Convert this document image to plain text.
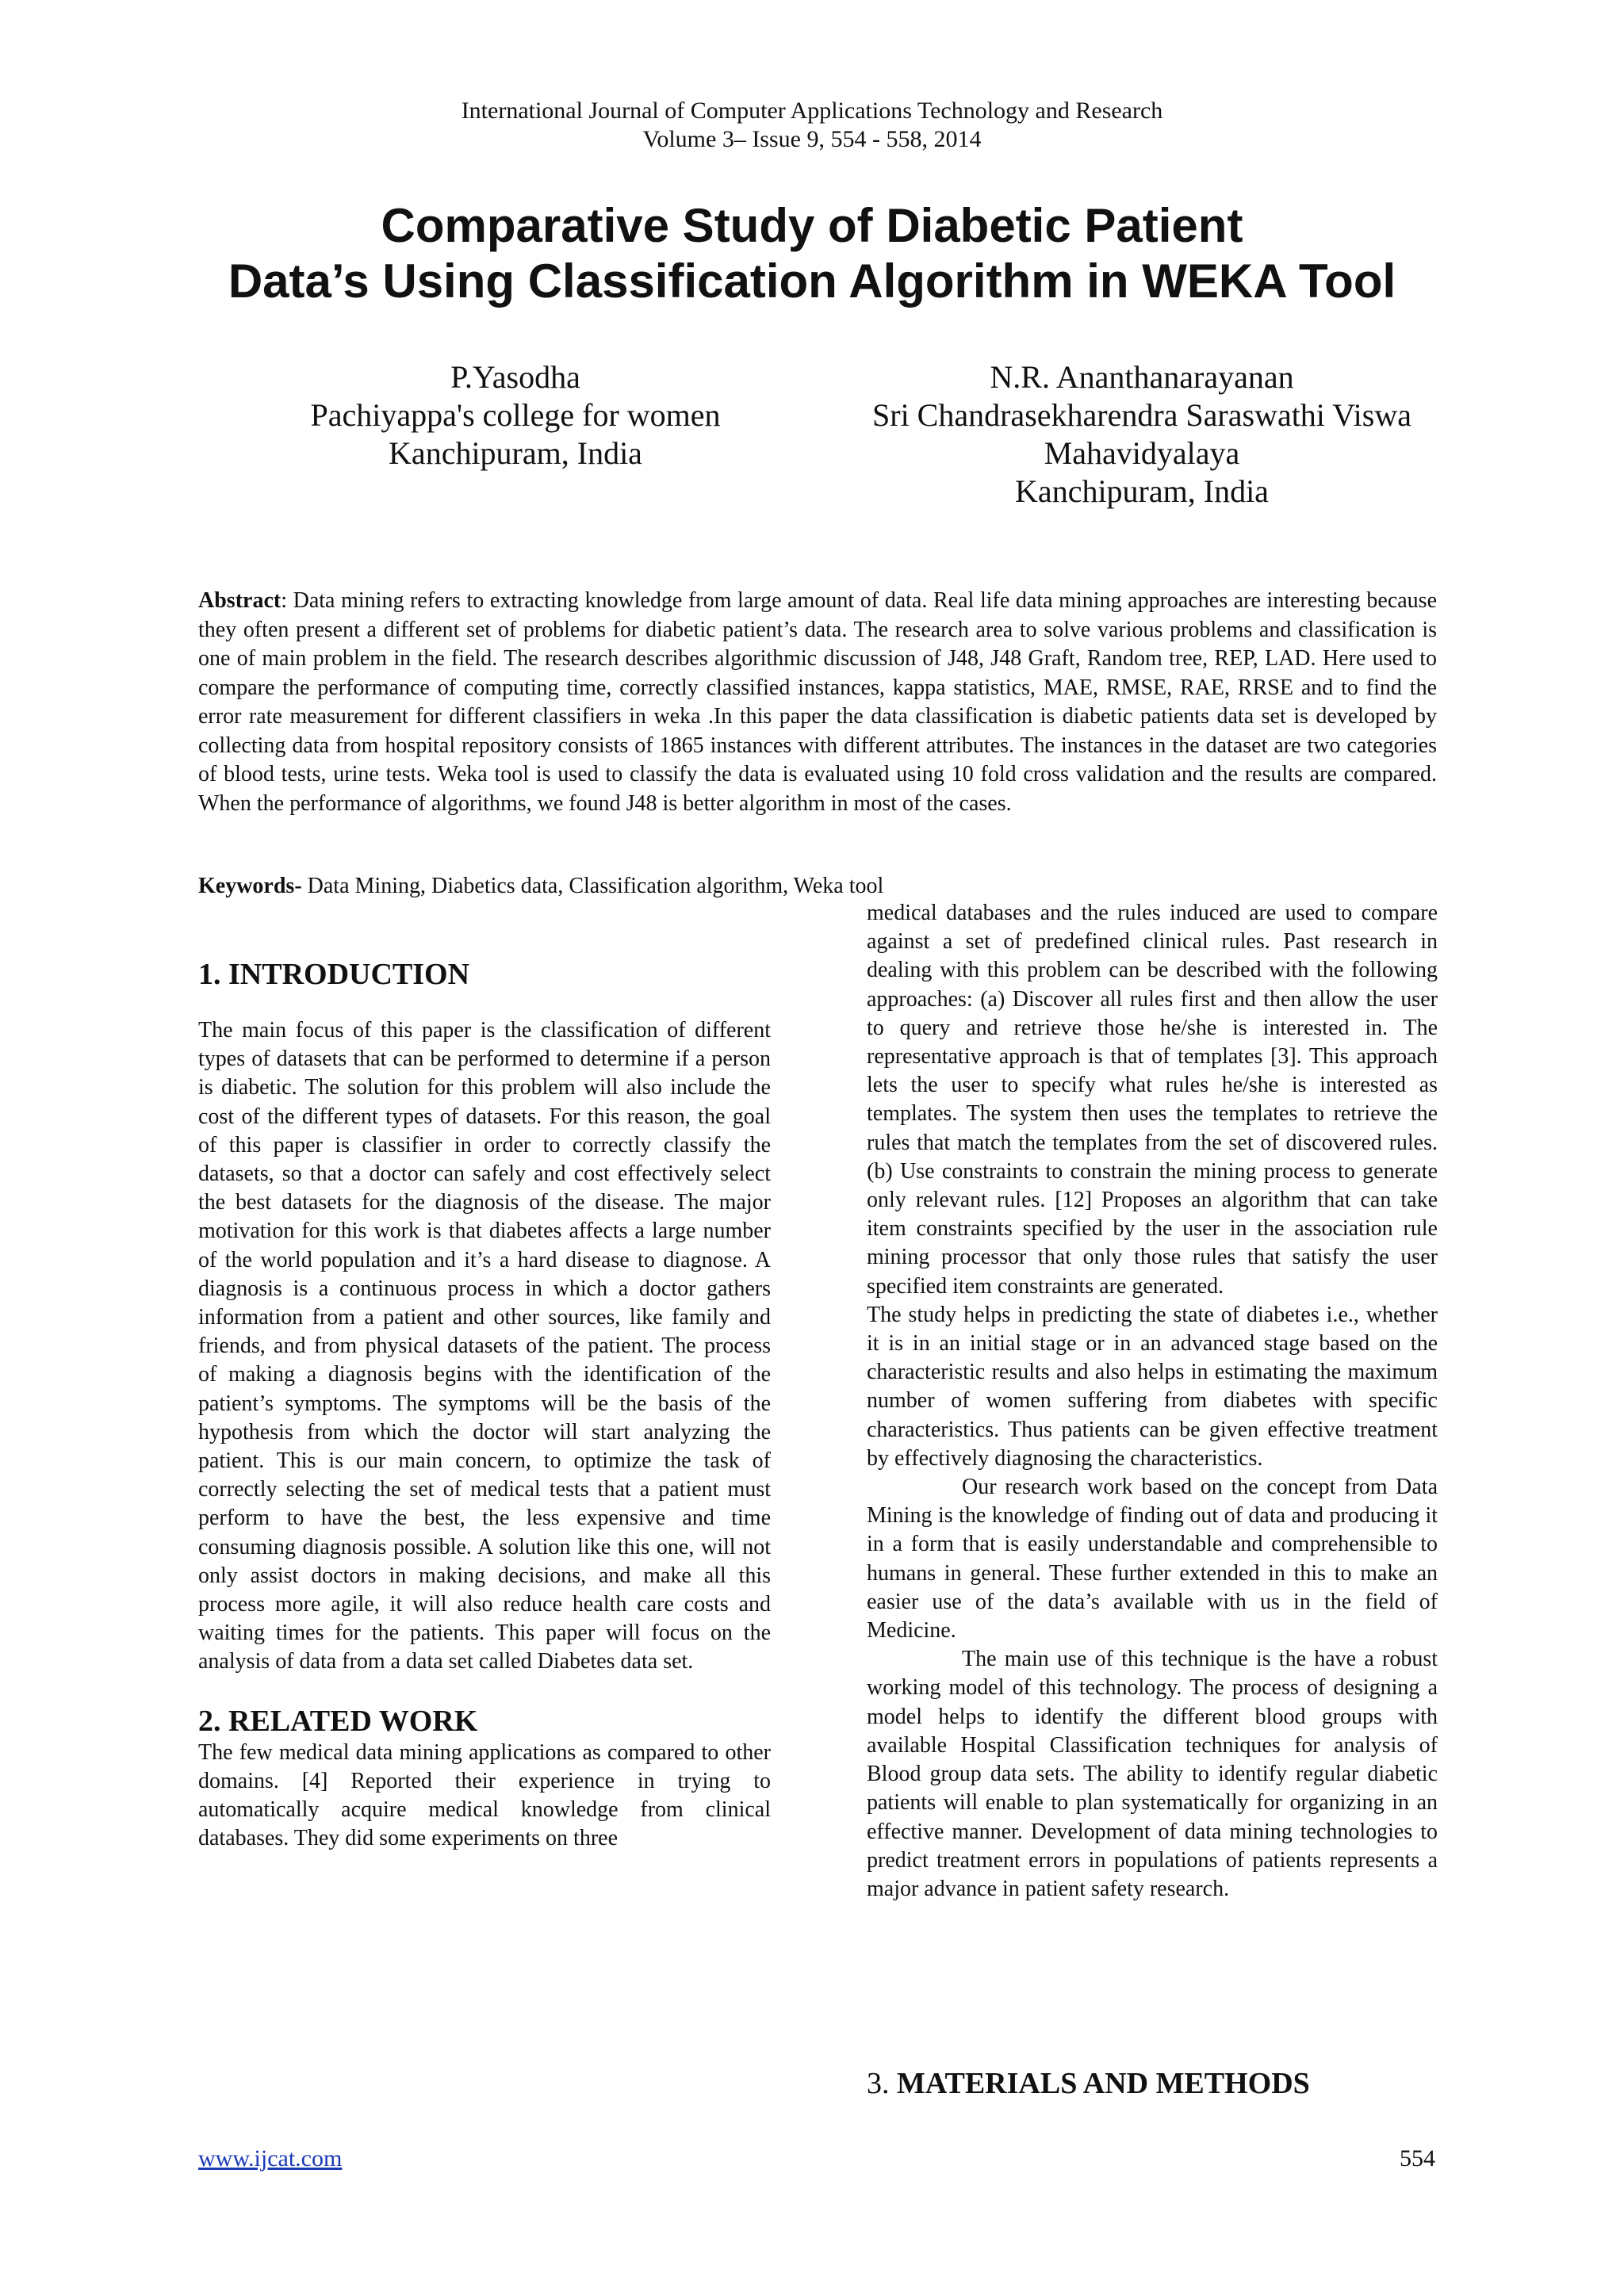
International Journal of Computer Applications Technology and Research
Volume 3– Issue 9, 554 - 558, 2014
Comparative Study of Diabetic Patient
Data’s Using Classification Algorithm in WEKA Tool
P.Yasodha
Pachiyappa's college for women
Kanchipuram, India
N.R. Ananthanarayanan
Sri Chandrasekharendra Saraswathi Viswa
Mahavidyalaya
Kanchipuram, India
Abstract: Data mining refers to extracting knowledge from large amount of data. Real life data mining approaches are interesting because they often present a different set of problems for diabetic patient’s data. The research area to solve various problems and classification is one of main problem in the field. The research describes algorithmic discussion of J48, J48 Graft, Random tree, REP, LAD. Here used to compare the performance of computing time, correctly classified instances, kappa statistics, MAE, RMSE, RAE, RRSE and to find the error rate measurement for different classifiers in weka .In this paper the data classification is diabetic patients data set is developed by collecting data from hospital repository consists of 1865 instances with different attributes. The instances in the dataset are two categories of blood tests, urine tests. Weka tool is used to classify the data is evaluated using 10 fold cross validation and the results are compared. When the performance of algorithms, we found J48 is better algorithm in most of the cases.
Keywords- Data Mining, Diabetics data, Classification algorithm, Weka tool
1. INTRODUCTION

The main focus of this paper is the classification of different types of datasets that can be performed to determine if a person is diabetic. The solution for this problem will also include the cost of the different types of datasets. For this reason, the goal of this paper is classifier in order to correctly classify the datasets, so that a doctor can safely and cost effectively select the best datasets for the diagnosis of the disease. The major motivation for this work is that diabetes affects a large number of the world population and it’s a hard disease to diagnose. A diagnosis is a continuous process in which a doctor gathers information from a patient and other sources, like family and friends, and from physical datasets of the patient. The process of making a diagnosis begins with the identification of the patient’s symptoms. The symptoms will be the basis of the hypothesis from which the doctor will start analyzing the patient. This is our main concern, to optimize the task of correctly selecting the set of medical tests that a patient must perform to have the best, the less expensive and time consuming diagnosis possible. A solution like this one, will not only assist doctors in making decisions, and make all this process more agile, it will also reduce health care costs and waiting times for the patients. This paper will focus on the analysis of data from a data set called Diabetes data set.

2. RELATED WORK

The few medical data mining applications as compared to other domains. [4] Reported their experience in trying to automatically acquire medical knowledge from clinical databases. They did some experiments on three

medical databases and the rules induced are used to compare against a set of predefined clinical rules. Past research in dealing with this problem can be described with the following approaches: (a) Discover all rules first and then allow the user to query and retrieve those he/she is interested in. The representative approach is that of templates [3]. This approach lets the user to specify what rules he/she is interested as templates. The system then uses the templates to retrieve the rules that match the templates from the set of discovered rules. (b) Use constraints to constrain the mining process to generate only relevant rules. [12] Proposes an algorithm that can take item constraints specified by the user in the association rule mining processor that only those rules that satisfy the user specified item constraints are generated.

The study helps in predicting the state of diabetes i.e., whether it is in an initial stage or in an advanced stage based on the characteristic results and also helps in estimating the maximum number of women suffering from diabetes with specific characteristics. Thus patients can be given effective treatment by effectively diagnosing the characteristics.

Our research work based on the concept from Data Mining is the knowledge of finding out of data and producing it in a form that is easily understandable and comprehensible to humans in general. These further extended in this to make an easier use of the data’s available with us in the field of Medicine.

The main use of this technique is the have a robust working model of this technology. The process of designing a model helps to identify the different blood groups with available Hospital Classification techniques for analysis of Blood group data sets. The ability to identify regular diabetic patients will enable to plan systematically for organizing in an effective manner. Development of data mining technologies to predict treatment errors in populations of patients represents a major advance in patient safety research.

3. MATERIALS AND METHODS
www.ijcat.com	554
